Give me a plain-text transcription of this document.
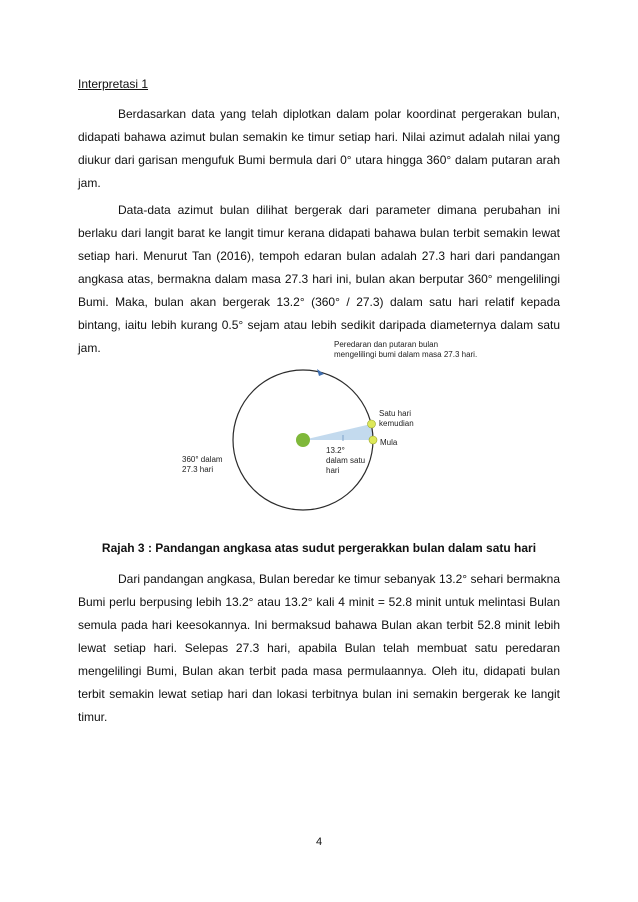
Interpretasi 1

Berdasarkan data yang telah diplotkan dalam polar koordinat pergerakan bulan, didapati bahawa azimut bulan semakin ke timur setiap hari. Nilai azimut adalah nilai yang diukur dari garisan mengufuk Bumi bermula dari 0° utara hingga 360° dalam putaran arah jam.

Data-data azimut bulan dilihat bergerak dari parameter dimana perubahan ini berlaku dari langit barat ke langit timur kerana didapati bahawa bulan terbit semakin lewat setiap hari. Menurut Tan (2016), tempoh edaran bulan adalah 27.3 hari dari pandangan angkasa atas, bermakna dalam masa 27.3 hari ini, bulan akan berputar 360° mengelilingi Bumi. Maka, bulan akan bergerak 13.2° (360° / 27.3) dalam satu hari relatif kepada bintang, iaitu lebih kurang 0.5° sejam atau lebih sedikit daripada diameternya dalam satu jam.	Peredaran dan putaran bulan
mengelilingi bumi dalam masa 27.3 hari.
Satu hari
kemudian
Mula
13.2°
dalam satu
hari
360° dalam
27.3 hari

Rajah 3 : Pandangan angkasa atas sudut pergerakkan bulan dalam satu hari

Dari pandangan angkasa, Bulan beredar ke timur sebanyak 13.2° sehari bermakna Bumi perlu berpusing lebih 13.2° atau 13.2° kali 4 minit = 52.8 minit untuk melintasi Bulan semula pada hari keesokannya. Ini bermaksud bahawa Bulan akan terbit 52.8 minit lebih lewat setiap hari. Selepas 27.3 hari, apabila Bulan telah membuat satu peredaran mengelilingi Bumi, Bulan akan terbit pada masa permulaannya. Oleh itu, didapati bulan terbit semakin lewat setiap hari dan lokasi terbitnya bulan ini semakin bergerak ke langit timur.

4
